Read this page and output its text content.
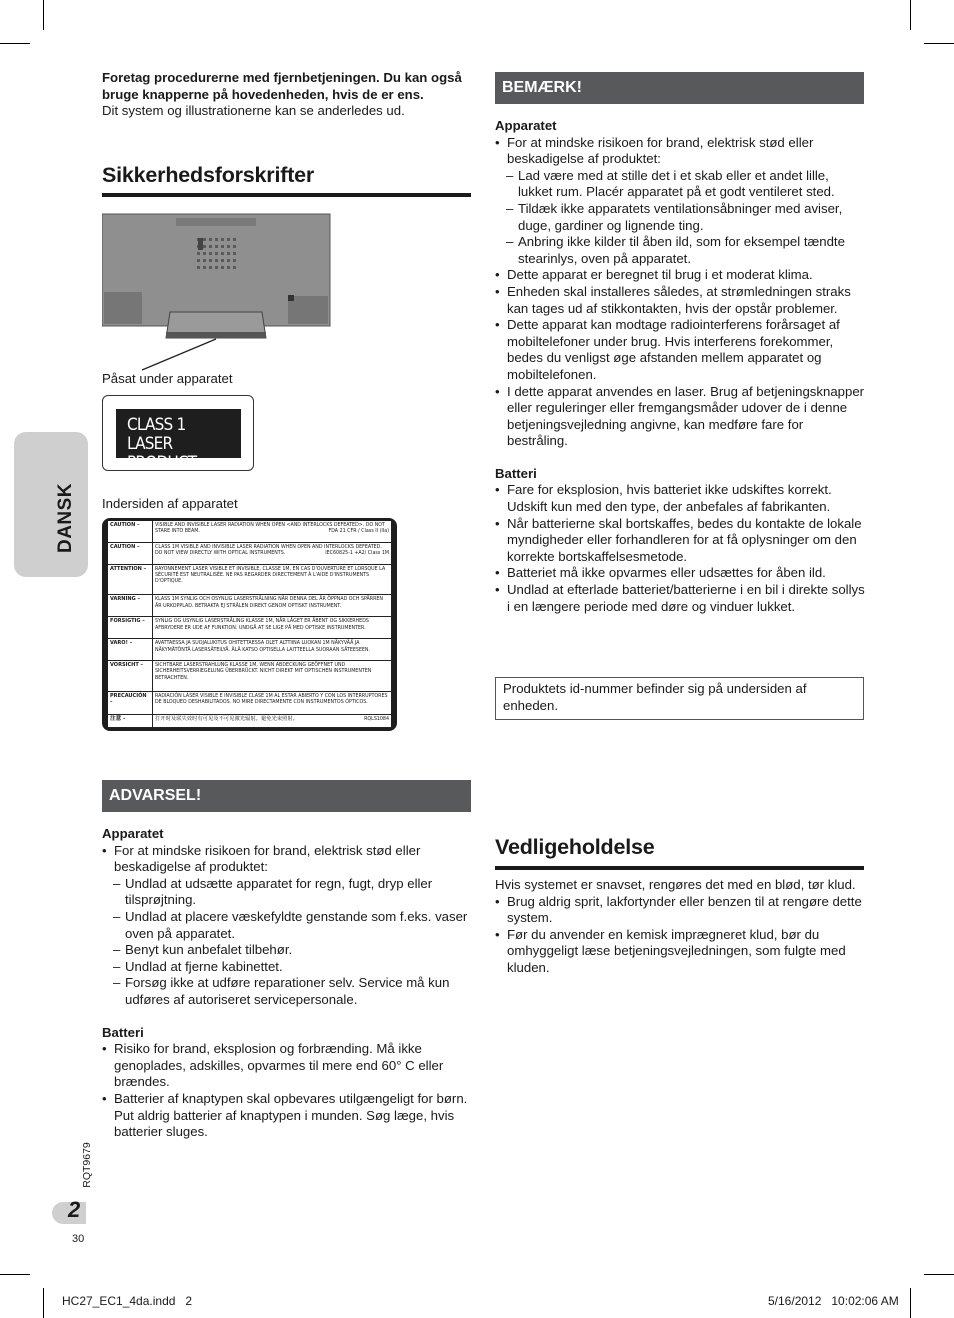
DANSK
Foretag procedurerne med fjernbetjeningen. Du kan også bruge knapperne på hovedenheden, hvis de er ens.
Dit system og illustrationerne kan se anderledes ud.
Sikkerhedsforskrifter
Påsat under apparatet
CLASS 1
LASER PRODUCT
Indersiden af apparatet
CAUTION –	VISIBLE AND INVISIBLE LASER RADIATION WHEN OPEN <AND INTERLOCKS DEFEATED>. DO NOT STARE INTO BEAM. FDA 21 CFR / Class II (IIa)

CAUTION –	CLASS 1M VISIBLE AND INVISIBLE LASER RADIATION WHEN OPEN AND INTERLOCKS DEFEATED. DO NOT VIEW DIRECTLY WITH OPTICAL INSTRUMENTS. IEC60825-1 +A2/ Class 1M

ATTENTION –	RAYONNEMENT LASER VISIBLE ET INVISIBLE, CLASSE 1M, EN CAS D'OUVERTURE ET LORSQUE LA SÉCURITÉ EST NEUTRALISÉE. NE PAS REGARDER DIRECTEMENT À L'AIDE D'INSTRUMENTS D'OPTIQUE.
VARNING –	KLASS 1M SYNLIG OCH OSYNLIG LASERSTRÅLNING NÄR DENNA DEL ÄR ÖPPNAD OCH SPÄRREN ÄR URKOPPLAD. BETRAKTA EJ STRÅLEN DIREKT GENOM OPTISKT INSTRUMENT.
FORSIGTIG –	SYNLIG OG USYNLIG LASERSTRÅLING KLASSE 1M, NÅR LÅGET ER ÅBENT OG SIKKERHEDS AFBRYDERE ER UDE AF FUNKTION. UNDGÅ AT SE LIGE PÅ MED OPTISKE INSTRUMENTER.
VARO! –	AVATTAESSA JA SUOJALUKITUS OHITETTAESSA OLET ALTTIINA LUOKAN 1M NÄKYVÄÄ JA NÄKYMÄTÖNTÄ LASERSÄTEILYÄ. ÄLÄ KATSO OPTISELLA LAITTEELLA SUORAAN SÄTEESEEN.
VORSICHT –	SICHTBARE LASERSTRAHLUNG KLASSE 1M, WENN ABDECKUNG GEÖFFNET UND SICHERHEITSVERRIEGELUNG ÜBERBRÜCKT. NICHT DIREKT MIT OPTISCHEN INSTRUMENTEN BETRACHTEN.
PRECAUCIÓN –	RADIACIÓN LÁSER VISIBLE E INVISIBLE CLASE 1M AL ESTAR ABIERTO Y CON LOS INTERRUPTORES DE BLOQUEO DESHABILITADOS. NO MIRE DIRECTAMENTE CON INSTRUMENTOS ÓPTICOS.
注意 –	打开时及联失效时有可见及不可见激光辐射。避免光束照射。 RQLS1084
ADVARSEL!
Apparatet
• For at mindske risikoen for brand, elektrisk stød eller beskadigelse af produktet:
– Undlad at udsætte apparatet for regn, fugt, dryp eller tilsprøjtning.
– Undlad at placere væskefyldte genstande som f.eks. vaser oven på apparatet.
– Benyt kun anbefalet tilbehør.
– Undlad at fjerne kabinettet.
– Forsøg ikke at udføre reparationer selv. Service må kun udføres af autoriseret servicepersonale.
Batteri
• Risiko for brand, eksplosion og forbrænding. Må ikke genoplades, adskilles, opvarmes til mere end 60° C eller brændes.
• Batterier af knaptypen skal opbevares utilgængeligt for børn. Put aldrig batterier af knaptypen i munden. Søg læge, hvis batterier sluges.
BEMÆRK!
Apparatet
• For at mindske risikoen for brand, elektrisk stød eller beskadigelse af produktet:
– Lad være med at stille det i et skab eller et andet lille, lukket rum. Placér apparatet på et godt ventileret sted.
– Tildæk ikke apparatets ventilationsåbninger med aviser, duge, gardiner og lignende ting.
– Anbring ikke kilder til åben ild, som for eksempel tændte stearinlys, oven på apparatet.
• Dette apparat er beregnet til brug i et moderat klima.
• Enheden skal installeres således, at strømledningen straks kan tages ud af stikkontakten, hvis der opstår problemer.
• Dette apparat kan modtage radiointerferens forårsaget af mobiltelefoner under brug. Hvis interferens forekommer, bedes du venligst øge afstanden mellem apparatet og mobiltelefonen.
• I dette apparat anvendes en laser. Brug af betjeningsknapper eller reguleringer eller fremgangsmåder udover de i denne betjeningsvejledning angivne, kan medføre fare for bestråling.
Batteri
• Fare for eksplosion, hvis batteriet ikke udskiftes korrekt. Udskift kun med den type, der anbefales af fabrikanten.
• Når batterierne skal bortskaffes, bedes du kontakte de lokale myndigheder eller forhandleren for at få oplysninger om den korrekte bortskaffelsesmetode.
• Batteriet må ikke opvarmes eller udsættes for åben ild.
• Undlad at efterlade batteriet/batterierne i en bil i direkte sollys i en længere periode med døre og vinduer lukket.
Produktets id-nummer befinder sig på undersiden af enheden.
Vedligeholdelse
Hvis systemet er snavset, rengøres det med en blød, tør klud.
• Brug aldrig sprit, lakfortynder eller benzen til at rengøre dette system.
• Før du anvender en kemisk imprægneret klud, bør du omhyggeligt læse betjeningsvejledningen, som fulgte med kluden.
RQT9679
2
30
HC27_EC1_4da.indd   2	5/16/2012   10:02:06 AM
